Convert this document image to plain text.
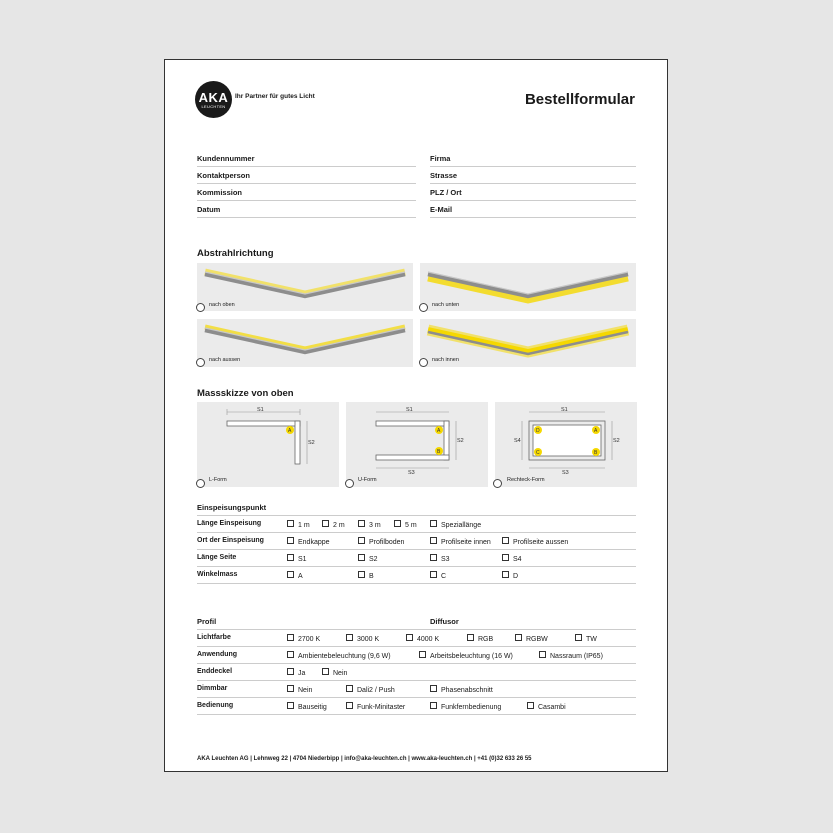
AKA
LEUCHTEN
Ihr Partner für gutes Licht	Bestellformular
Kundennummer	Firma
Kontaktperson	Strasse
Kommission	PLZ / Ort
Datum	E-Mail
Abstrahlrichtung
nach oben	nach unten
nach aussen	nach innen
Massskizze von oben
S1
S2
A
L-Form
S1
S2
S3
A
B
U-Form
S1
S2
S4
S3
D	A
C	B
Rechteck-Form
Einspeisungspunkt
Länge Einspeisung	1 m	2 m	3 m	5 m	Speziallänge
Ort der Einspeisung	Endkappe	Profilboden	Profilseite innen	Profilseite aussen
Länge Seite	S1	S2	S3	S4
Winkelmass	A	B	C	D
Profil	Diffusor
Lichtfarbe	2700 K	3000 K	4000 K	RGB	RGBW	TW
Anwendung	Ambientebeleuchtung (9,6 W)	Arbeitsbeleuchtung (16 W)	Nassraum (IP65)
Enddeckel	Ja	Nein
Dimmbar	Nein	Dali2 / Push	Phasenabschnitt
Bedienung	Bauseitig	Funk-Minitaster	Funkfernbedienung	Casambi
AKA Leuchten AG | Lehnweg 22 | 4704 Niederbipp | info@aka-leuchten.ch | www.aka-leuchten.ch | +41 (0)32 633 26 55
